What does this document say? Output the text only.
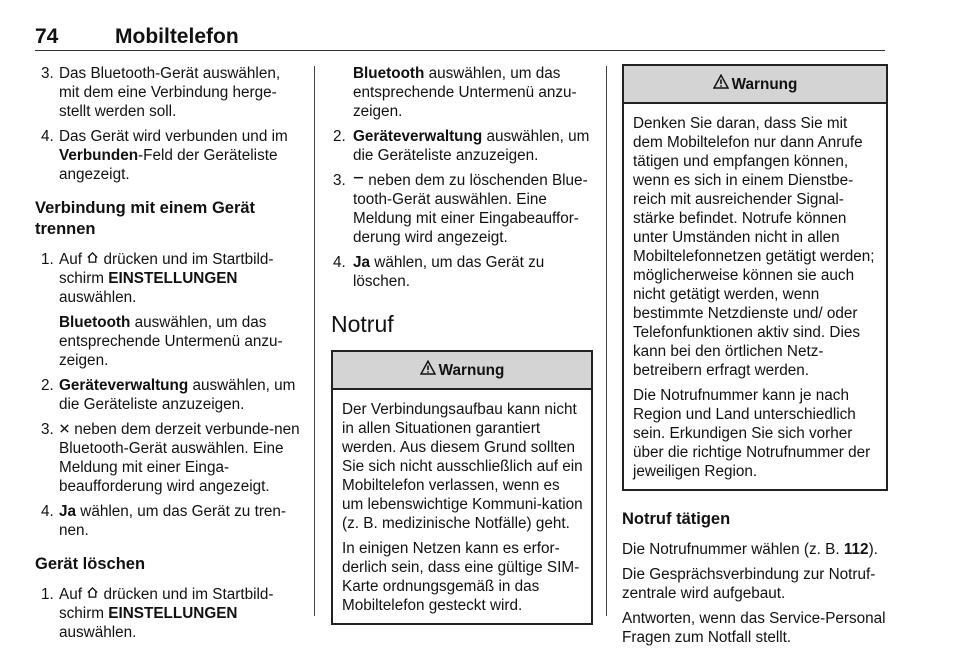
74	Mobiltelefon
3. Das Bluetooth-Gerät auswählen, mit dem eine Verbindung herge-stellt werden soll.
4. Das Gerät wird verbunden und im Verbunden-Feld der Geräteliste angezeigt.
Verbindung mit einem Gerät trennen
1. Auf  drücken und im Startbild-schirm EINSTELLUNGEN auswählen.
Bluetooth auswählen, um das entsprechende Untermenü anzu-zeigen.
2. Geräteverwaltung auswählen, um die Geräteliste anzuzeigen.
3. neben dem derzeit verbunde-nen Bluetooth-Gerät auswählen. Eine Meldung mit einer Einga-beaufforderung wird angezeigt.
4. Ja wählen, um das Gerät zu tren-nen.
Gerät löschen
1. Auf  drücken und im Startbild-schirm EINSTELLUNGEN auswählen.
Bluetooth auswählen, um das entsprechende Untermenü anzu-zeigen.
2. Geräteverwaltung auswählen, um die Geräteliste anzuzeigen.
3. neben dem zu löschenden Blue-tooth-Gerät auswählen. Eine Meldung mit einer Eingabeauffor-derung wird angezeigt.
4. Ja wählen, um das Gerät zu löschen.
Notruf
Warnung

Der Verbindungsaufbau kann nicht in allen Situationen garantiert werden. Aus diesem Grund sollten Sie sich nicht ausschließlich auf ein Mobiltelefon verlassen, wenn es um lebenswichtige Kommuni-kation (z. B. medizinische Notfälle) geht.

In einigen Netzen kann es erfor-derlich sein, dass eine gültige SIM-Karte ordnungsgemäß in das Mobiltelefon gesteckt wird.

Warnung

Denken Sie daran, dass Sie mit dem Mobiltelefon nur dann Anrufe tätigen und empfangen können, wenn es sich in einem Dienstbe-reich mit ausreichender Signal-stärke befindet. Notrufe können unter Umständen nicht in allen Mobiltelefonnetzen getätigt werden; möglicherweise können sie auch nicht getätigt werden, wenn bestimmte Netzdienste und/ oder Telefonfunktionen aktiv sind. Dies kann bei den örtlichen Netz-betreibern erfragt werden.

Die Notrufnummer kann je nach Region und Land unterschiedlich sein. Erkundigen Sie sich vorher über die richtige Notrufnummer der jeweiligen Region.

Notruf tätigen

Die Notrufnummer wählen (z. B. 112).

Die Gesprächsverbindung zur Notruf-zentrale wird aufgebaut.

Antworten, wenn das Service-Personal Fragen zum Notfall stellt.
